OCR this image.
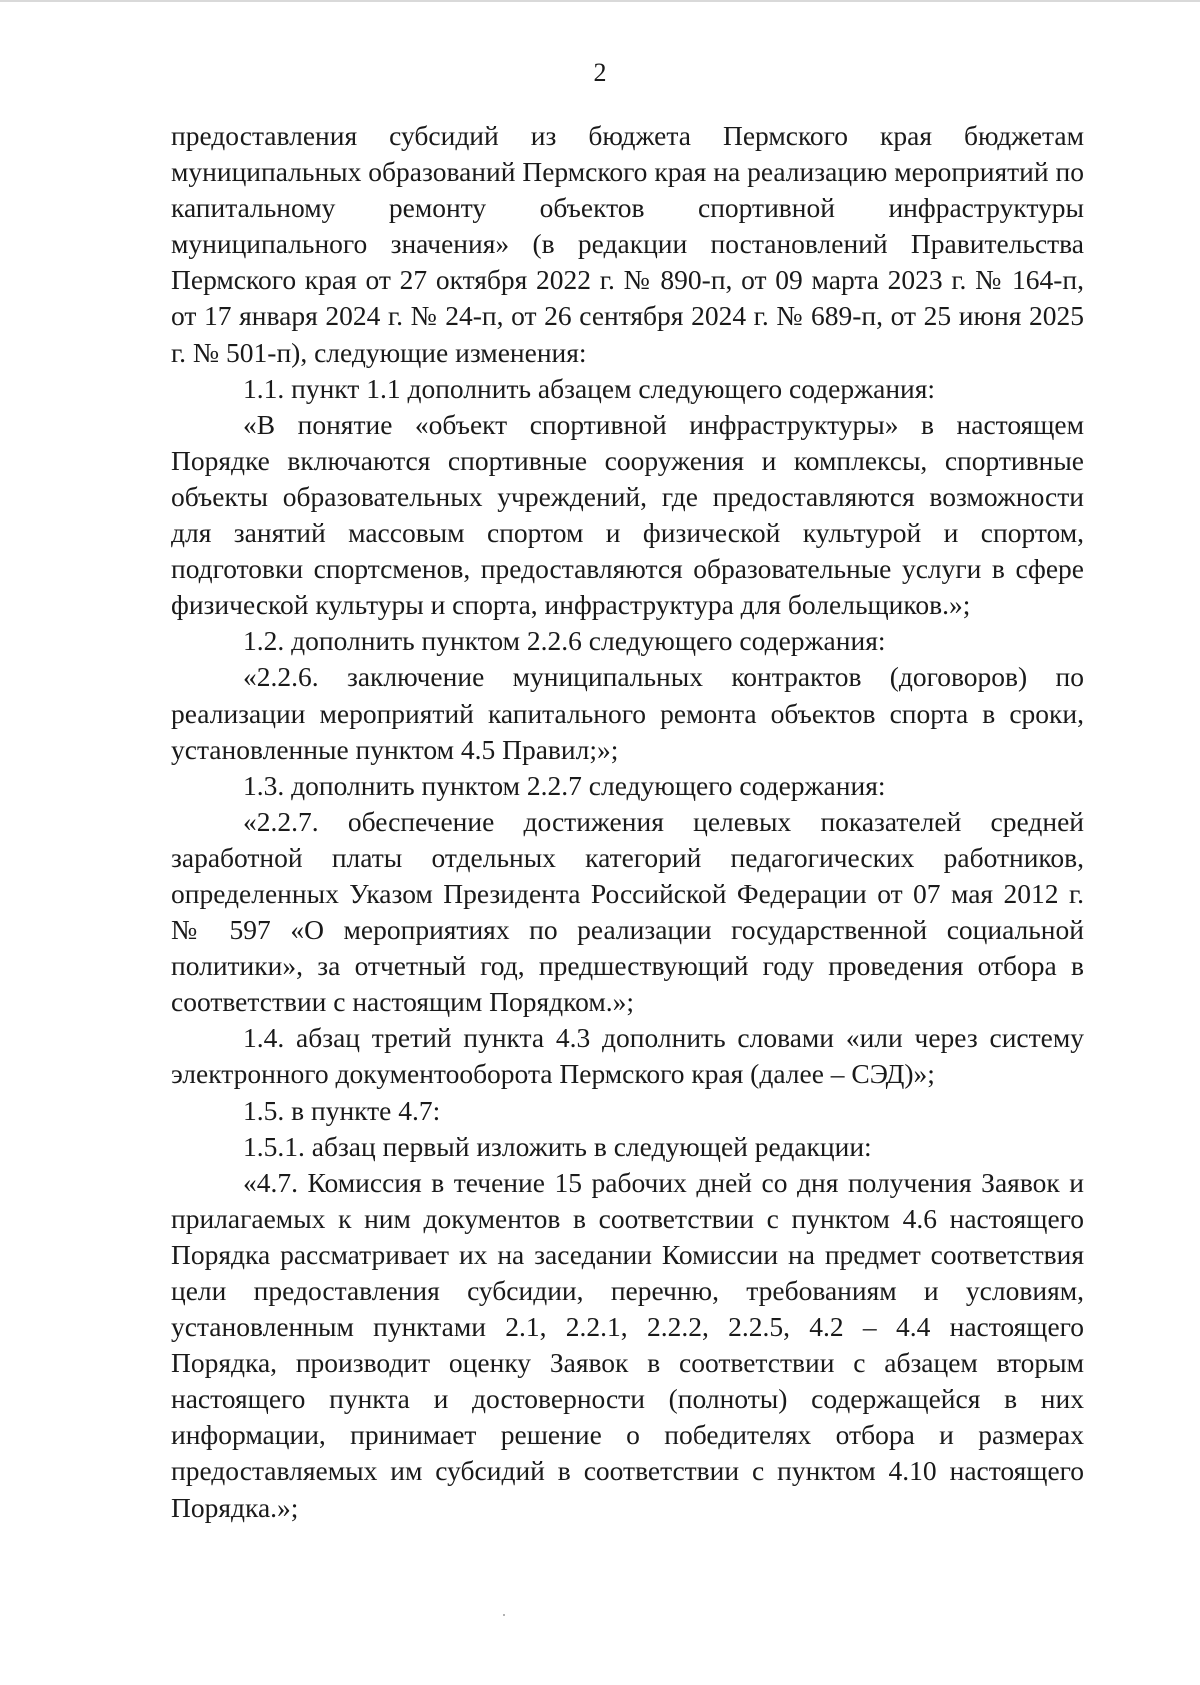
2

предоставления субсидий из бюджета Пермского края бюджетам муниципальных образований Пермского края на реализацию мероприятий по капитальному ремонту объектов спортивной инфраструктуры муниципального значения» (в редакции постановлений Правительства Пермского края от 27 октября 2022 г. № 890-п, от 09 марта 2023 г. № 164-п, от 17 января 2024 г. № 24-п, от 26 сентября 2024 г. № 689-п, от 25 июня 2025 г. № 501-п), следующие изменения:

1.1. пункт 1.1 дополнить абзацем следующего содержания:

«В понятие «объект спортивной инфраструктуры» в настоящем Порядке включаются спортивные сооружения и комплексы, спортивные объекты образовательных учреждений, где предоставляются возможности для занятий массовым спортом и физической культурой и спортом, подготовки спортсменов, предоставляются образовательные услуги в сфере физической культуры и спорта, инфраструктура для болельщиков.»;

1.2. дополнить пунктом 2.2.6 следующего содержания:

«2.2.6. заключение муниципальных контрактов (договоров) по реализации мероприятий капитального ремонта объектов спорта в сроки, установленные пунктом 4.5 Правил;»;

1.3. дополнить пунктом 2.2.7 следующего содержания:

«2.2.7. обеспечение достижения целевых показателей средней заработной платы отдельных категорий педагогических работников, определенных Указом Президента Российской Федерации от 07 мая 2012 г. № 597 «О мероприятиях по реализации государственной социальной политики», за отчетный год, предшествующий году проведения отбора в соответствии с настоящим Порядком.»;

1.4. абзац третий пункта 4.3 дополнить словами «или через систему электронного документооборота Пермского края (далее – СЭД)»;

1.5. в пункте 4.7:

1.5.1. абзац первый изложить в следующей редакции:

«4.7. Комиссия в течение 15 рабочих дней со дня получения Заявок и прилагаемых к ним документов в соответствии с пунктом 4.6 настоящего Порядка рассматривает их на заседании Комиссии на предмет соответствия цели предоставления субсидии, перечню, требованиям и условиям, установленным пунктами 2.1, 2.2.1, 2.2.2, 2.2.5, 4.2 – 4.4 настоящего Порядка, производит оценку Заявок в соответствии с абзацем вторым настоящего пункта и достоверности (полноты) содержащейся в них информации, принимает решение о победителях отбора и размерах предоставляемых им субсидий в соответствии с пунктом 4.10 настоящего Порядка.»;
